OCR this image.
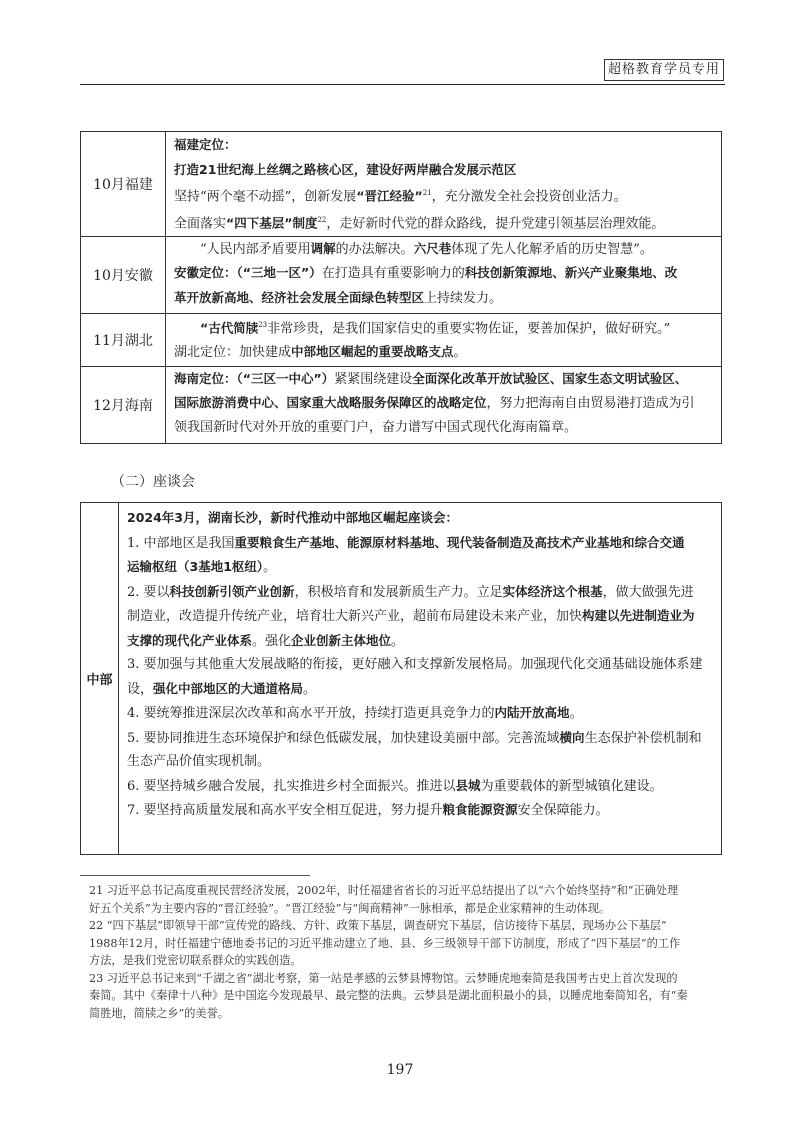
超格教育学员专用
10月福建	福建定位：
打造21世纪海上丝绸之路核心区，建设好两岸融合发展示范区
坚持“两个毫不动摇”，创新发展“晋江经验”$^{21}$，充分激发全社会投资创业活力。
全面落实“四下基层”制度$^{22}$，走好新时代党的群众路线，提升党建引领基层治理效能。

10月安徽	“人民内部矛盾要用调解的办法解决。六尺巷体现了先人化解矛盾的历史智慧”。
安徽定位：（“三地一区”）在打造具有重要影响力的科技创新策源地、新兴产业聚集地、改
革开放新高地、经济社会发展全面绿色转型区上持续发力。

11月湖北	“古代简牍$^{23}$非常珍贵，是我们国家信史的重要实物佐证，要善加保护，做好研究。”
湖北定位：加快建成中部地区崛起的重要战略支点。

12月海南	海南定位：（“三区一中心”）紧紧围绕建设全面深化改革开放试验区、国家生态文明试验区、
国际旅游消费中心、国家重大战略服务保障区的战略定位，努力把海南自由贸易港打造成为引
领我国新时代对外开放的重要门户，奋力谱写中国式现代化海南篇章。
（二）座谈会
中部	
2024年3月，湖南长沙，新时代推动中部地区崛起座谈会：
1. 中部地区是我国重要粮食生产基地、能源原材料基地、现代装备制造及高技术产业基地和综合交通
运输枢纽（3基地1枢纽）。
2. 要以科技创新引领产业创新，积极培育和发展新质生产力。立足实体经济这个根基，做大做强先进
制造业，改造提升传统产业，培育壮大新兴产业，超前布局建设未来产业，加快构建以先进制造业为
支撑的现代化产业体系。强化企业创新主体地位。
3. 要加强与其他重大发展战略的衔接，更好融入和支撑新发展格局。加强现代化交通基础设施体系建
设，强化中部地区的大通道格局。
4. 要统筹推进深层次改革和高水平开放，持续打造更具竞争力的内陆开放高地。
5. 要协同推进生态环境保护和绿色低碳发展，加快建设美丽中部。完善流域横向生态保护补偿机制和
生态产品价值实现机制。
6. 要坚持城乡融合发展，扎实推进乡村全面振兴。推进以县城为重要载体的新型城镇化建设。
7. 要坚持高质量发展和高水平安全相互促进，努力提升粮食能源资源安全保障能力。
21 习近平总书记高度重视民营经济发展，2002年，时任福建省省长的习近平总结提出了以“六个始终坚持”和“正确处理
好五个关系”为主要内容的“晋江经验”。“晋江经验”与“闽商精神”一脉相承，都是企业家精神的生动体现。
22 “四下基层”即领导干部“宣传党的路线、方针、政策下基层，调查研究下基层，信访接待下基层，现场办公下基层”
1988年12月，时任福建宁德地委书记的习近平推动建立了地、县、乡三级领导干部下访制度，形成了“四下基层”的工作
方法，是我们党密切联系群众的实践创造。
23 习近平总书记来到“千湖之省”湖北考察，第一站是孝感的云梦县博物馆。云梦睡虎地秦简是我国考古史上首次发现的
秦简。其中《秦律十八种》是中国迄今发现最早、最完整的法典。云梦县是湖北面积最小的县，以睡虎地秦简知名，有“秦
简胜地，简牍之乡”的美誉。
197
